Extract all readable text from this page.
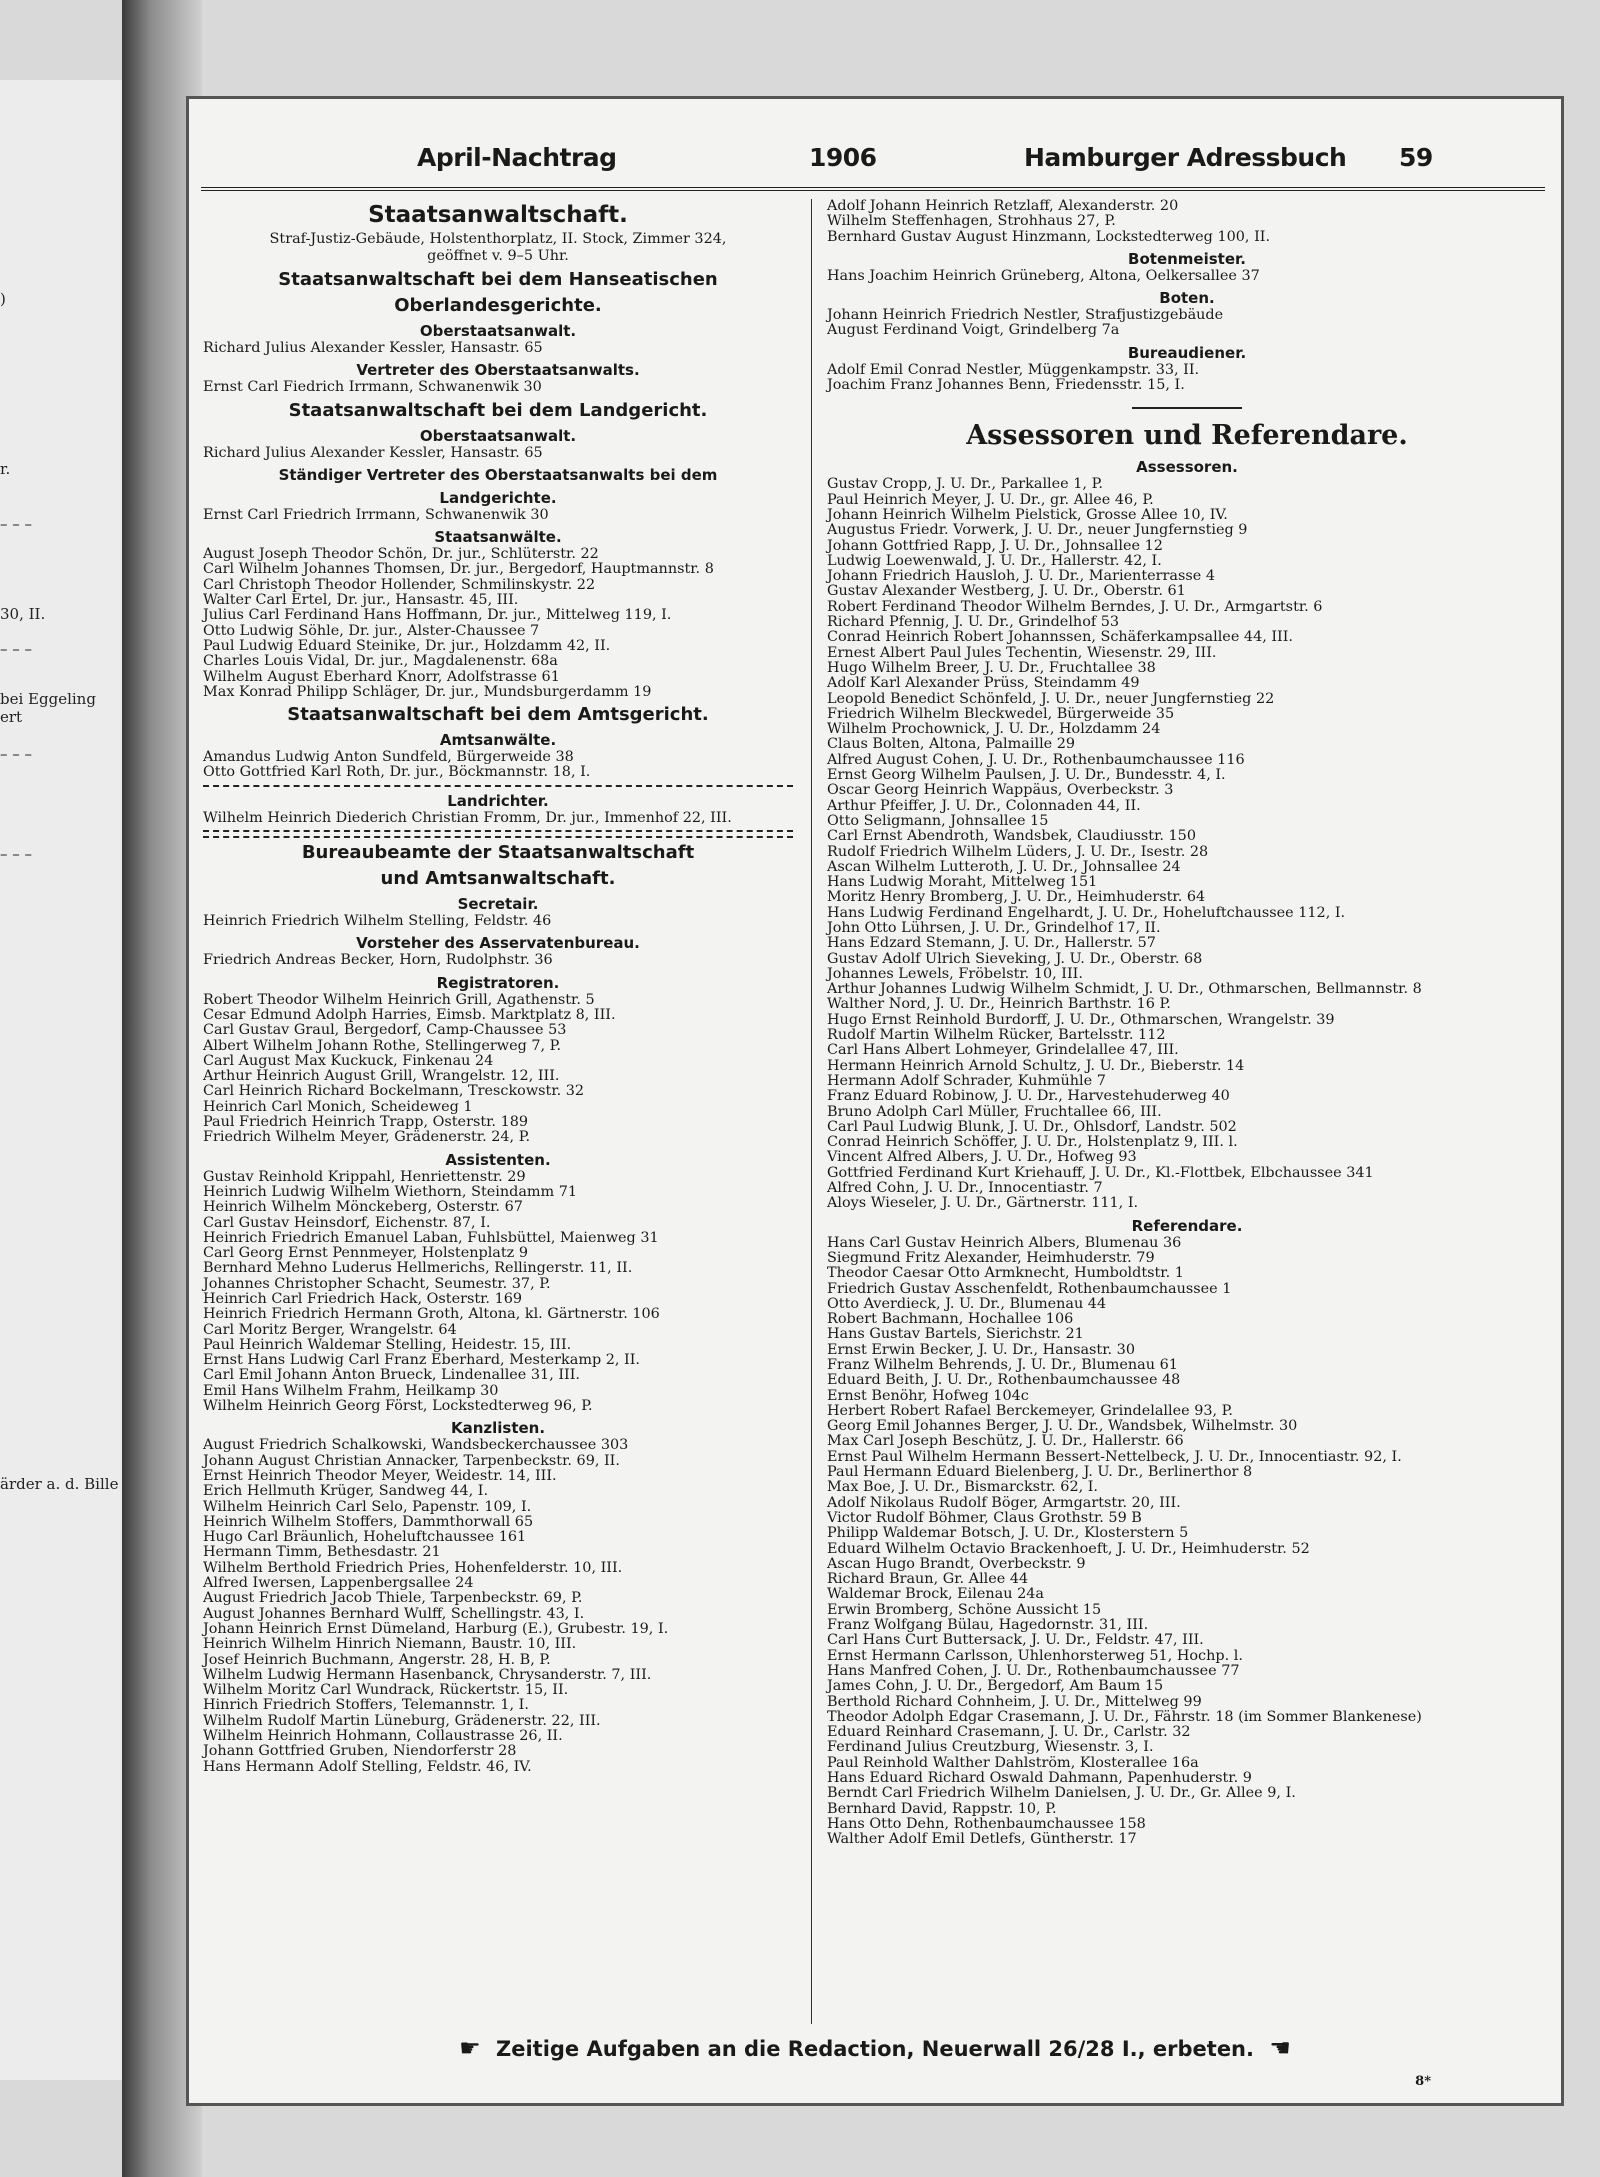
)
r.
– – –
30, II.
– – –
bei Eggeling
ert
– – –
– – –
ärder a. d. Bille
April-Nachtrag	1906	Hamburger Adressbuch 59
Staatsanwaltschaft.
Straf-Justiz-Gebäude, Holstenthorplatz, II. Stock, Zimmer 324,
geöffnet v. 9–5 Uhr.
Staatsanwaltschaft bei dem Hanseatischen
Oberlandesgerichte.
Oberstaatsanwalt.
Richard Julius Alexander Kessler, Hansastr. 65
Vertreter des Oberstaatsanwalts.
Ernst Carl Fiedrich Irrmann, Schwanenwik 30
Staatsanwaltschaft bei dem Landgericht.
Oberstaatsanwalt.
Richard Julius Alexander Kessler, Hansastr. 65
Ständiger Vertreter des Oberstaatsanwalts bei dem
Landgerichte.
Ernst Carl Friedrich Irrmann, Schwanenwik 30
Staatsanwälte.
August Joseph Theodor Schön, Dr. jur., Schlüterstr. 22
Carl Wilhelm Johannes Thomsen, Dr. jur., Bergedorf, Hauptmannstr. 8
Carl Christoph Theodor Hollender, Schmilinskystr. 22
Walter Carl Ertel, Dr. jur., Hansastr. 45, III.
Julius Carl Ferdinand Hans Hoffmann, Dr. jur., Mittelweg 119, I.
Otto Ludwig Söhle, Dr. jur., Alster-Chaussee 7
Paul Ludwig Eduard Steinike, Dr. jur., Holzdamm 42, II.
Charles Louis Vidal, Dr. jur., Magdalenenstr. 68a
Wilhelm August Eberhard Knorr, Adolfstrasse 61
Max Konrad Philipp Schläger, Dr. jur., Mundsburgerdamm 19
Staatsanwaltschaft bei dem Amtsgericht.
Amtsanwälte.
Amandus Ludwig Anton Sundfeld, Bürgerweide 38
Otto Gottfried Karl Roth, Dr. jur., Böckmannstr. 18, I.
Landrichter.
Wilhelm Heinrich Diederich Christian Fromm, Dr. jur., Immenhof 22, III.
Bureaubeamte der Staatsanwaltschaft
und Amtsanwaltschaft.
Secretair.
Heinrich Friedrich Wilhelm Stelling, Feldstr. 46
Vorsteher des Asservatenbureau.
Friedrich Andreas Becker, Horn, Rudolphstr. 36
Registratoren.
Robert Theodor Wilhelm Heinrich Grill, Agathenstr. 5
Cesar Edmund Adolph Harries, Eimsb. Marktplatz 8, III.
Carl Gustav Graul, Bergedorf, Camp-Chaussee 53
Albert Wilhelm Johann Rothe, Stellingerweg 7, P.
Carl August Max Kuckuck, Finkenau 24
Arthur Heinrich August Grill, Wrangelstr. 12, III.
Carl Heinrich Richard Bockelmann, Tresckowstr. 32
Heinrich Carl Monich, Scheideweg 1
Paul Friedrich Heinrich Trapp, Osterstr. 189
Friedrich Wilhelm Meyer, Grädenerstr. 24, P.
Assistenten.
Gustav Reinhold Krippahl, Henriettenstr. 29
Heinrich Ludwig Wilhelm Wiethorn, Steindamm 71
Heinrich Wilhelm Mönckeberg, Osterstr. 67
Carl Gustav Heinsdorf, Eichenstr. 87, I.
Heinrich Friedrich Emanuel Laban, Fuhlsbüttel, Maienweg 31
Carl Georg Ernst Pennmeyer, Holstenplatz 9
Bernhard Mehno Luderus Hellmerichs, Rellingerstr. 11, II.
Johannes Christopher Schacht, Seumestr. 37, P.
Heinrich Carl Friedrich Hack, Osterstr. 169
Heinrich Friedrich Hermann Groth, Altona, kl. Gärtnerstr. 106
Carl Moritz Berger, Wrangelstr. 64
Paul Heinrich Waldemar Stelling, Heidestr. 15, III.
Ernst Hans Ludwig Carl Franz Eberhard, Mesterkamp 2, II.
Carl Emil Johann Anton Brueck, Lindenallee 31, III.
Emil Hans Wilhelm Frahm, Heilkamp 30
Wilhelm Heinrich Georg Först, Lockstedterweg 96, P.
Kanzlisten.
August Friedrich Schalkowski, Wandsbeckerchaussee 303
Johann August Christian Annacker, Tarpenbeckstr. 69, II.
Ernst Heinrich Theodor Meyer, Weidestr. 14, III.
Erich Hellmuth Krüger, Sandweg 44, I.
Wilhelm Heinrich Carl Selo, Papenstr. 109, I.
Heinrich Wilhelm Stoffers, Dammthorwall 65
Hugo Carl Bräunlich, Hoheluftchaussee 161
Hermann Timm, Bethesdastr. 21
Wilhelm Berthold Friedrich Pries, Hohenfelderstr. 10, III.
Alfred Iwersen, Lappenbergsallee 24
August Friedrich Jacob Thiele, Tarpenbeckstr. 69, P.
August Johannes Bernhard Wulff, Schellingstr. 43, I.
Johann Heinrich Ernst Dümeland, Harburg (E.), Grubestr. 19, I.
Heinrich Wilhelm Hinrich Niemann, Baustr. 10, III.
Josef Heinrich Buchmann, Angerstr. 28, H. B, P.
Wilhelm Ludwig Hermann Hasenbanck, Chrysanderstr. 7, III.
Wilhelm Moritz Carl Wundrack, Rückertstr. 15, II.
Hinrich Friedrich Stoffers, Telemannstr. 1, I.
Wilhelm Rudolf Martin Lüneburg, Grädenerstr. 22, III.
Wilhelm Heinrich Hohmann, Collaustrasse 26, II.
Johann Gottfried Gruben, Niendorferstr 28
Hans Hermann Adolf Stelling, Feldstr. 46, IV.
Adolf Johann Heinrich Retzlaff, Alexanderstr. 20
Wilhelm Steffenhagen, Strohhaus 27, P.
Bernhard Gustav August Hinzmann, Lockstedterweg 100, II.
Botenmeister.
Hans Joachim Heinrich Grüneberg, Altona, Oelkersallee 37
Boten.
Johann Heinrich Friedrich Nestler, Strafjustizgebäude
August Ferdinand Voigt, Grindelberg 7a
Bureaudiener.
Adolf Emil Conrad Nestler, Müggenkampstr. 33, II.
Joachim Franz Johannes Benn, Friedensstr. 15, I.
Assessoren und Referendare.
Assessoren.
Gustav Cropp, J. U. Dr., Parkallee 1, P.
Paul Heinrich Meyer, J. U. Dr., gr. Allee 46, P.
Johann Heinrich Wilhelm Pielstick, Grosse Allee 10, IV.
Augustus Friedr. Vorwerk, J. U. Dr., neuer Jungfernstieg 9
Johann Gottfried Rapp, J. U. Dr., Johnsallee 12
Ludwig Loewenwald, J. U. Dr., Hallerstr. 42, I.
Johann Friedrich Hausloh, J. U. Dr., Marienterrasse 4
Gustav Alexander Westberg, J. U. Dr., Oberstr. 61
Robert Ferdinand Theodor Wilhelm Berndes, J. U. Dr., Armgartstr. 6
Richard Pfennig, J. U. Dr., Grindelhof 53
Conrad Heinrich Robert Johannssen, Schäferkampsallee 44, III.
Ernest Albert Paul Jules Techentin, Wiesenstr. 29, III.
Hugo Wilhelm Breer, J. U. Dr., Fruchtallee 38
Adolf Karl Alexander Prüss, Steindamm 49
Leopold Benedict Schönfeld, J. U. Dr., neuer Jungfernstieg 22
Friedrich Wilhelm Bleckwedel, Bürgerweide 35
Wilhelm Prochownick, J. U. Dr., Holzdamm 24
Claus Bolten, Altona, Palmaille 29
Alfred August Cohen, J. U. Dr., Rothenbaumchaussee 116
Ernst Georg Wilhelm Paulsen, J. U. Dr., Bundesstr. 4, I.
Oscar Georg Heinrich Wappäus, Overbeckstr. 3
Arthur Pfeiffer, J. U. Dr., Colonnaden 44, II.
Otto Seligmann, Johnsallee 15
Carl Ernst Abendroth, Wandsbek, Claudiusstr. 150
Rudolf Friedrich Wilhelm Lüders, J. U. Dr., Isestr. 28
Ascan Wilhelm Lutteroth, J. U. Dr., Johnsallee 24
Hans Ludwig Moraht, Mittelweg 151
Moritz Henry Bromberg, J. U. Dr., Heimhuderstr. 64
Hans Ludwig Ferdinand Engelhardt, J. U. Dr., Hoheluftchaussee 112, I.
John Otto Lührsen, J. U. Dr., Grindelhof 17, II.
Hans Edzard Stemann, J. U. Dr., Hallerstr. 57
Gustav Adolf Ulrich Sieveking, J. U. Dr., Oberstr. 68
Johannes Lewels, Fröbelstr. 10, III.
Arthur Johannes Ludwig Wilhelm Schmidt, J. U. Dr., Othmarschen, Bellmannstr. 8
Walther Nord, J. U. Dr., Heinrich Barthstr. 16 P.
Hugo Ernst Reinhold Burdorff, J. U. Dr., Othmarschen, Wrangelstr. 39
Rudolf Martin Wilhelm Rücker, Bartelsstr. 112
Carl Hans Albert Lohmeyer, Grindelallee 47, III.
Hermann Heinrich Arnold Schultz, J. U. Dr., Bieberstr. 14
Hermann Adolf Schrader, Kuhmühle 7
Franz Eduard Robinow, J. U. Dr., Harvestehuderweg 40
Bruno Adolph Carl Müller, Fruchtallee 66, III.
Carl Paul Ludwig Blunk, J. U. Dr., Ohlsdorf, Landstr. 502
Conrad Heinrich Schöffer, J. U. Dr., Holstenplatz 9, III. l.
Vincent Alfred Albers, J. U. Dr., Hofweg 93
Gottfried Ferdinand Kurt Kriehauff, J. U. Dr., Kl.-Flottbek, Elbchaussee 341
Alfred Cohn, J. U. Dr., Innocentiastr. 7
Aloys Wieseler, J. U. Dr., Gärtnerstr. 111, I.
Referendare.
Hans Carl Gustav Heinrich Albers, Blumenau 36
Siegmund Fritz Alexander, Heimhuderstr. 79
Theodor Caesar Otto Armknecht, Humboldtstr. 1
Friedrich Gustav Asschenfeldt, Rothenbaumchaussee 1
Otto Averdieck, J. U. Dr., Blumenau 44
Robert Bachmann, Hochallee 106
Hans Gustav Bartels, Sierichstr. 21
Ernst Erwin Becker, J. U. Dr., Hansastr. 30
Franz Wilhelm Behrends, J. U. Dr., Blumenau 61
Eduard Beith, J. U. Dr., Rothenbaumchaussee 48
Ernst Benöhr, Hofweg 104c
Herbert Robert Rafael Berckemeyer, Grindelallee 93, P.
Georg Emil Johannes Berger, J. U. Dr., Wandsbek, Wilhelmstr. 30
Max Carl Joseph Beschütz, J. U. Dr., Hallerstr. 66
Ernst Paul Wilhelm Hermann Bessert-Nettelbeck, J. U. Dr., Innocentiastr. 92, I.
Paul Hermann Eduard Bielenberg, J. U. Dr., Berlinerthor 8
Max Boe, J. U. Dr., Bismarckstr. 62, I.
Adolf Nikolaus Rudolf Böger, Armgartstr. 20, III.
Victor Rudolf Böhmer, Claus Grothstr. 59 B
Philipp Waldemar Botsch, J. U. Dr., Klosterstern 5
Eduard Wilhelm Octavio Brackenhoeft, J. U. Dr., Heimhuderstr. 52
Ascan Hugo Brandt, Overbeckstr. 9
Richard Braun, Gr. Allee 44
Waldemar Brock, Eilenau 24a
Erwin Bromberg, Schöne Aussicht 15
Franz Wolfgang Bülau, Hagedornstr. 31, III.
Carl Hans Curt Buttersack, J. U. Dr., Feldstr. 47, III.
Ernst Hermann Carlsson, Uhlenhorsterweg 51, Hochp. l.
Hans Manfred Cohen, J. U. Dr., Rothenbaumchaussee 77
James Cohn, J. U. Dr., Bergedorf, Am Baum 15
Berthold Richard Cohnheim, J. U. Dr., Mittelweg 99
Theodor Adolph Edgar Crasemann, J. U. Dr., Fährstr. 18 (im Sommer Blankenese)
Eduard Reinhard Crasemann, J. U. Dr., Carlstr. 32
Ferdinand Julius Creutzburg, Wiesenstr. 3, I.
Paul Reinhold Walther Dahlström, Klosterallee 16a
Hans Eduard Richard Oswald Dahmann, Papenhuderstr. 9
Berndt Carl Friedrich Wilhelm Danielsen, J. U. Dr., Gr. Allee 9, I.
Bernhard David, Rappstr. 10, P.
Hans Otto Dehn, Rothenbaumchaussee 158
Walther Adolf Emil Detlefs, Güntherstr. 17
☛ Zeitige Aufgaben an die Redaction, Neuerwall 26/28 I., erbeten. ☚
8*
